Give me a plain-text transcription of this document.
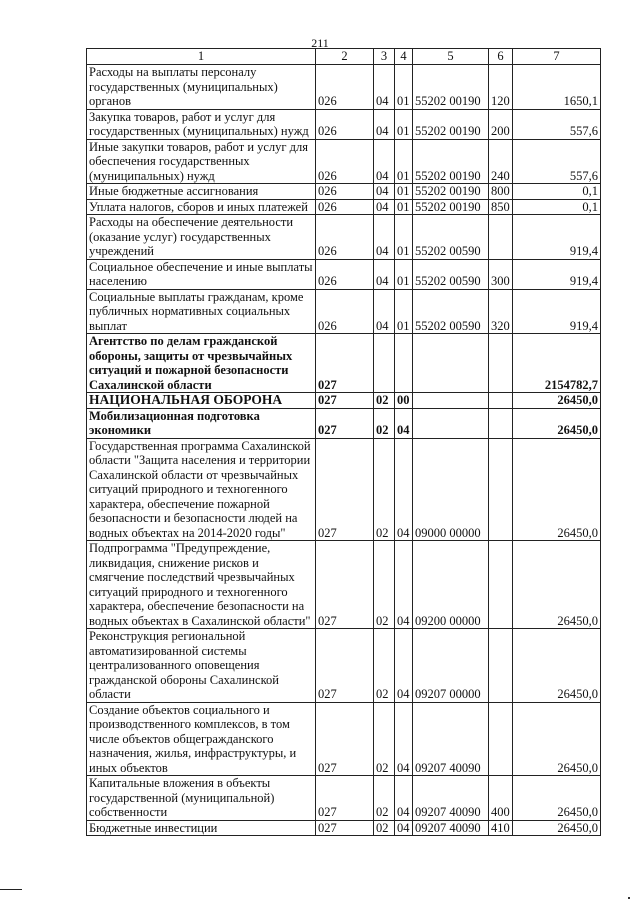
211
1	2	3	4	5	6	7
Расходы на выплаты персоналу государственных (муниципальных) органов	026	04	01	55202 00190	120	1650,1
Закупка товаров, работ и услуг для государственных (муниципальных) нужд	026	04	01	55202 00190	200	557,6
Иные закупки товаров, работ и услуг для обеспечения государственных (муниципальных) нужд	026	04	01	55202 00190	240	557,6
Иные бюджетные ассигнования	026	04	01	55202 00190	800	0,1
Уплата налогов, сборов и иных платежей	026	04	01	55202 00190	850	0,1
Расходы на обеспечение деятельности (оказание услуг) государственных учреждений	026	04	01	55202 00590		919,4
Социальное обеспечение и иные выплаты населению	026	04	01	55202 00590	300	919,4
Социальные выплаты гражданам, кроме публичных нормативных социальных выплат	026	04	01	55202 00590	320	919,4
Агентство по делам гражданской обороны, защиты от чрезвычайных ситуаций и пожарной безопасности Сахалинской области	027					2154782,7
НАЦИОНАЛЬНАЯ ОБОРОНА	027	02	00			26450,0
Мобилизационная подготовка экономики	027	02	04			26450,0
Государственная программа Сахалинской области "Защита населения и территории Сахалинской области от чрезвычайных ситуаций природного и техногенного характера, обеспечение пожарной безопасности и безопасности людей на водных объектах на 2014-2020 годы"	027	02	04	09000 00000		26450,0
Подпрограмма "Предупреждение, ликвидация, снижение рисков и смягчение последствий чрезвычайных ситуаций природного и техногенного характера, обеспечение безопасности на водных объектах в Сахалинской области"	027	02	04	09200 00000		26450,0
Реконструкция региональной автоматизированной системы централизованного оповещения гражданской обороны Сахалинской области	027	02	04	09207 00000		26450,0
Создание объектов социального и производственного комплексов, в том числе объектов общегражданского назначения, жилья, инфраструктуры, и иных объектов	027	02	04	09207 40090		26450,0
Капитальные вложения в объекты государственной (муниципальной) собственности	027	02	04	09207 40090	400	26450,0
Бюджетные инвестиции	027	02	04	09207 40090	410	26450,0
